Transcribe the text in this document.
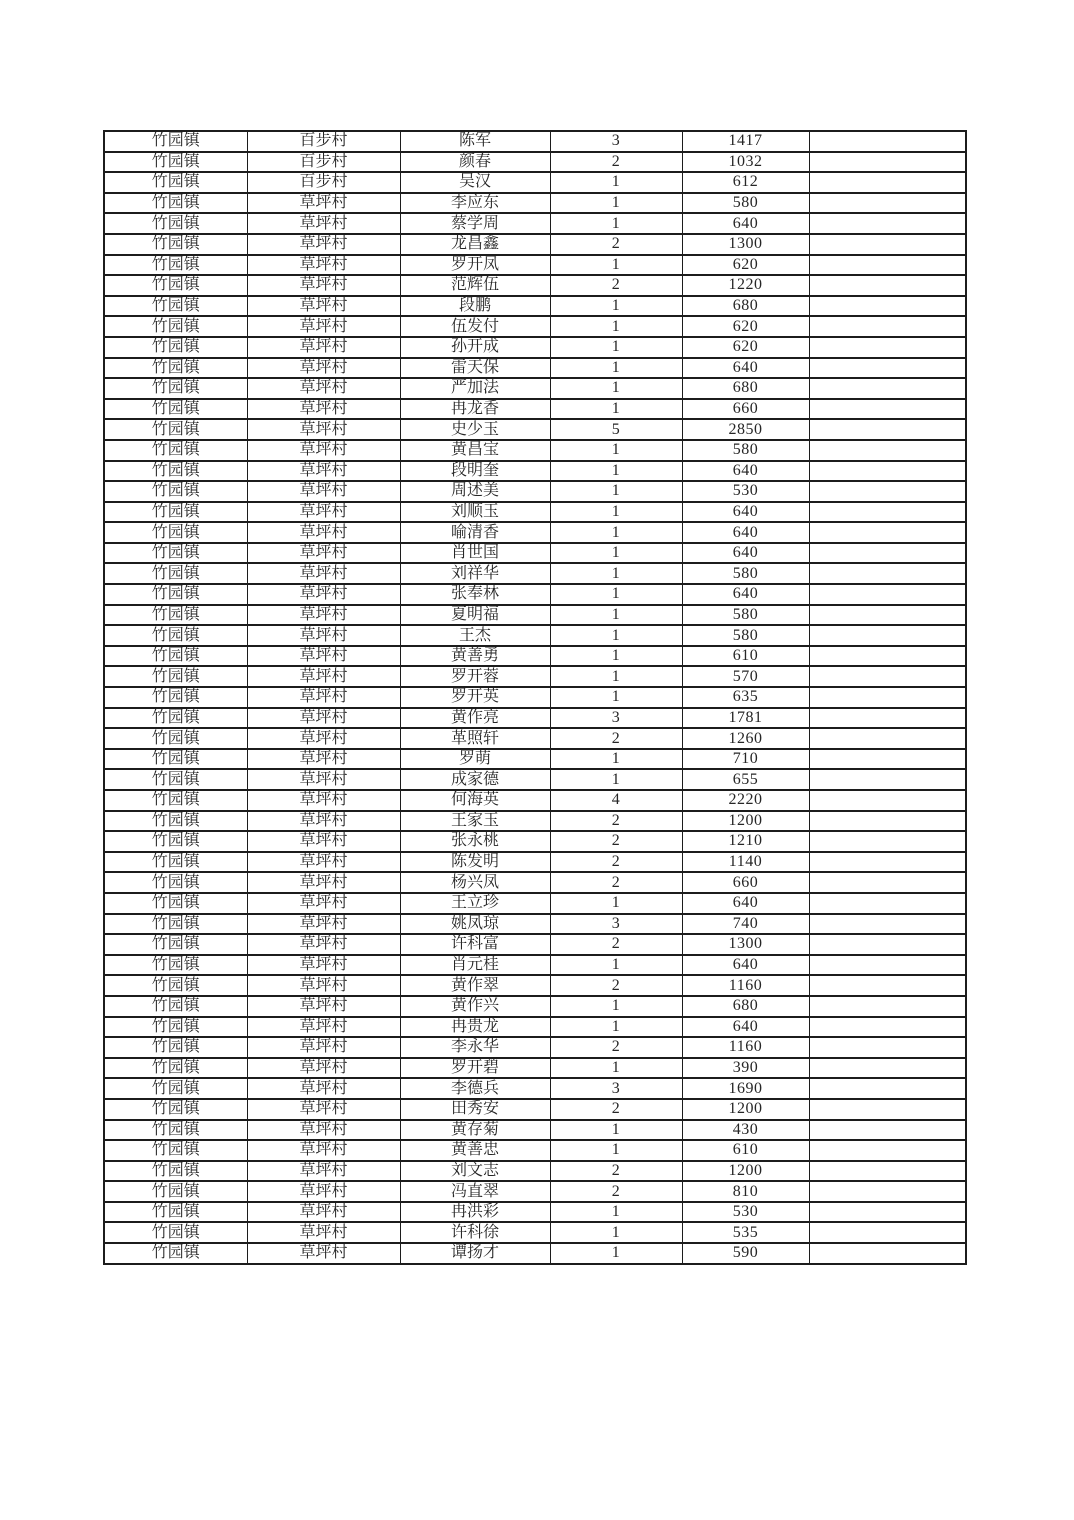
竹园镇	百步村	陈军	3	1417	
竹园镇	百步村	颜春	2	1032	
竹园镇	百步村	吴汉	1	612	
竹园镇	草坪村	李应东	1	580	
竹园镇	草坪村	蔡学周	1	640	
竹园镇	草坪村	龙昌鑫	2	1300	
竹园镇	草坪村	罗开凤	1	620	
竹园镇	草坪村	范辉伍	2	1220	
竹园镇	草坪村	段鹏	1	680	
竹园镇	草坪村	伍发付	1	620	
竹园镇	草坪村	孙开成	1	620	
竹园镇	草坪村	雷天保	1	640	
竹园镇	草坪村	严加法	1	680	
竹园镇	草坪村	冉龙香	1	660	
竹园镇	草坪村	史少玉	5	2850	
竹园镇	草坪村	黄昌宝	1	580	
竹园镇	草坪村	段明奎	1	640	
竹园镇	草坪村	周述美	1	530	
竹园镇	草坪村	刘顺玉	1	640	
竹园镇	草坪村	喻清香	1	640	
竹园镇	草坪村	肖世国	1	640	
竹园镇	草坪村	刘祥华	1	580	
竹园镇	草坪村	张奉林	1	640	
竹园镇	草坪村	夏明福	1	580	
竹园镇	草坪村	王杰	1	580	
竹园镇	草坪村	黄善勇	1	610	
竹园镇	草坪村	罗开蓉	1	570	
竹园镇	草坪村	罗开英	1	635	
竹园镇	草坪村	黄作亮	3	1781	
竹园镇	草坪村	革照轩	2	1260	
竹园镇	草坪村	罗萌	1	710	
竹园镇	草坪村	成家德	1	655	
竹园镇	草坪村	何海英	4	2220	
竹园镇	草坪村	王家玉	2	1200	
竹园镇	草坪村	张永桃	2	1210	
竹园镇	草坪村	陈发明	2	1140	
竹园镇	草坪村	杨兴凤	2	660	
竹园镇	草坪村	王立珍	1	640	
竹园镇	草坪村	姚凤琼	3	740	
竹园镇	草坪村	许科富	2	1300	
竹园镇	草坪村	肖元桂	1	640	
竹园镇	草坪村	黄作翠	2	1160	
竹园镇	草坪村	黄作兴	1	680	
竹园镇	草坪村	冉贵龙	1	640	
竹园镇	草坪村	李永华	2	1160	
竹园镇	草坪村	罗开碧	1	390	
竹园镇	草坪村	李德兵	3	1690	
竹园镇	草坪村	田秀安	2	1200	
竹园镇	草坪村	黄存菊	1	430	
竹园镇	草坪村	黄善忠	1	610	
竹园镇	草坪村	刘文志	2	1200	
竹园镇	草坪村	冯直翠	2	810	
竹园镇	草坪村	冉洪彩	1	530	
竹园镇	草坪村	许科徐	1	535	
竹园镇	草坪村	谭扬才	1	590	
